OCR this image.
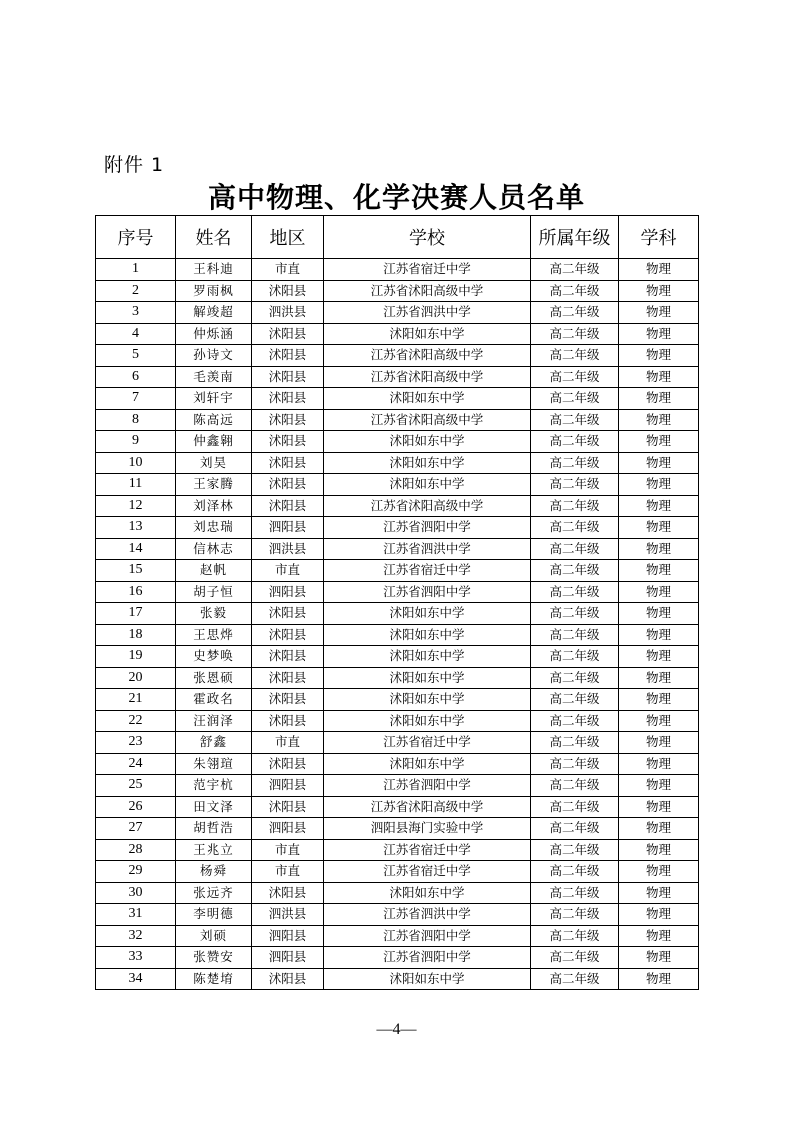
附件 1
高中物理、化学决赛人员名单
序号	姓名	地区	学校	所属年级	学科
1	王科迪	市直	江苏省宿迁中学	高二年级	物理
2	罗雨枫	沭阳县	江苏省沭阳高级中学	高二年级	物理
3	解竣超	泗洪县	江苏省泗洪中学	高二年级	物理
4	仲烁涵	沭阳县	沭阳如东中学	高二年级	物理
5	孙诗文	沭阳县	江苏省沭阳高级中学	高二年级	物理
6	毛羡南	沭阳县	江苏省沭阳高级中学	高二年级	物理
7	刘轩宇	沭阳县	沭阳如东中学	高二年级	物理
8	陈高远	沭阳县	江苏省沭阳高级中学	高二年级	物理
9	仲鑫翱	沭阳县	沭阳如东中学	高二年级	物理
10	刘昊	沭阳县	沭阳如东中学	高二年级	物理
11	王家腾	沭阳县	沭阳如东中学	高二年级	物理
12	刘泽林	沭阳县	江苏省沭阳高级中学	高二年级	物理
13	刘忠瑞	泗阳县	江苏省泗阳中学	高二年级	物理
14	信林志	泗洪县	江苏省泗洪中学	高二年级	物理
15	赵帆	市直	江苏省宿迁中学	高二年级	物理
16	胡子恒	泗阳县	江苏省泗阳中学	高二年级	物理
17	张毅	沭阳县	沭阳如东中学	高二年级	物理
18	王思烨	沭阳县	沭阳如东中学	高二年级	物理
19	史梦唤	沭阳县	沭阳如东中学	高二年级	物理
20	张恩硕	沭阳县	沭阳如东中学	高二年级	物理
21	霍政名	沭阳县	沭阳如东中学	高二年级	物理
22	汪润泽	沭阳县	沭阳如东中学	高二年级	物理
23	舒鑫	市直	江苏省宿迁中学	高二年级	物理
24	朱翎瑄	沭阳县	沭阳如东中学	高二年级	物理
25	范宇杭	泗阳县	江苏省泗阳中学	高二年级	物理
26	田文泽	沭阳县	江苏省沭阳高级中学	高二年级	物理
27	胡哲浩	泗阳县	泗阳县海门实验中学	高二年级	物理
28	王兆立	市直	江苏省宿迁中学	高二年级	物理
29	杨舜	市直	江苏省宿迁中学	高二年级	物理
30	张远齐	沭阳县	沭阳如东中学	高二年级	物理
31	李明德	泗洪县	江苏省泗洪中学	高二年级	物理
32	刘硕	泗阳县	江苏省泗阳中学	高二年级	物理
33	张赞安	泗阳县	江苏省泗阳中学	高二年级	物理
34	陈楚堉	沭阳县	沭阳如东中学	高二年级	物理
—4—
